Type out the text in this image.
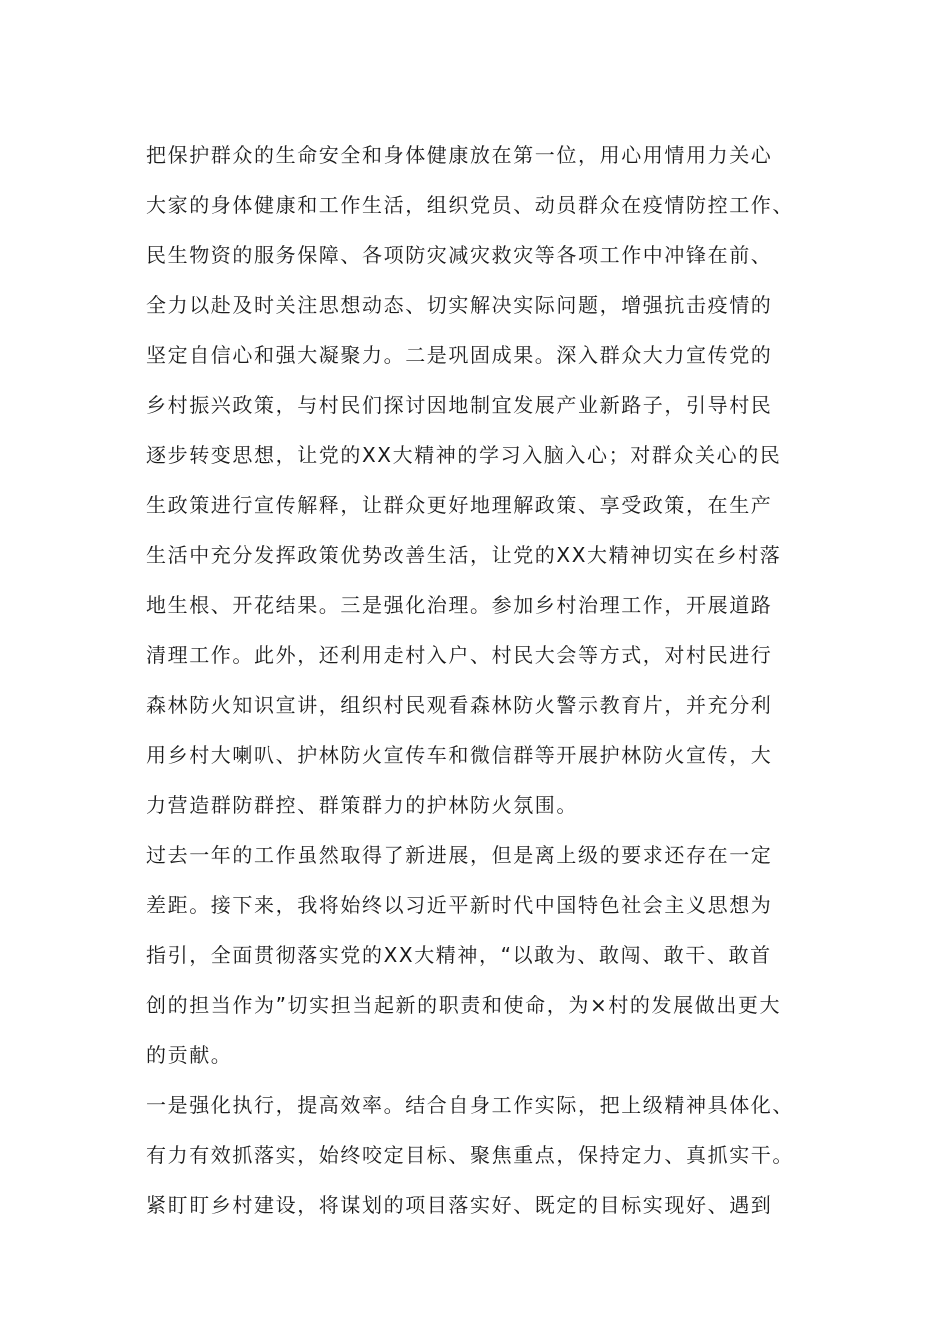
把保护群众的生命安全和身体健康放在第一位，用心用情用力关心
大家的身体健康和工作生活，组织党员、动员群众在疫情防控工作、
民生物资的服务保障、各项防灾减灾救灾等各项工作中冲锋在前、
全力以赴及时关注思想动态、切实解决实际问题，增强抗击疫情的
坚定自信心和强大凝聚力。二是巩固成果。深入群众大力宣传党的
乡村振兴政策，与村民们探讨因地制宜发展产业新路子，引导村民
逐步转变思想，让党的XX大精神的学习入脑入心；对群众关心的民
生政策进行宣传解释，让群众更好地理解政策、享受政策，在生产
生活中充分发挥政策优势改善生活，让党的XX大精神切实在乡村落
地生根、开花结果。三是强化治理。参加乡村治理工作，开展道路
清理工作。此外，还利用走村入户、村民大会等方式，对村民进行
森林防火知识宣讲，组织村民观看森林防火警示教育片，并充分利
用乡村大喇叭、护林防火宣传车和微信群等开展护林防火宣传，大
力营造群防群控、群策群力的护林防火氛围。
过去一年的工作虽然取得了新进展，但是离上级的要求还存在一定
差距。接下来，我将始终以习近平新时代中国特色社会主义思想为
指引，全面贯彻落实党的XX大精神，“以敢为、敢闯、敢干、敢首
创的担当作为”切实担当起新的职责和使命，为×村的发展做出更大
的贡献。
一是强化执行，提高效率。结合自身工作实际，把上级精神具体化、
有力有效抓落实，始终咬定目标、聚焦重点，保持定力、真抓实干。
紧盯盯乡村建设，将谋划的项目落实好、既定的目标实现好、遇到
